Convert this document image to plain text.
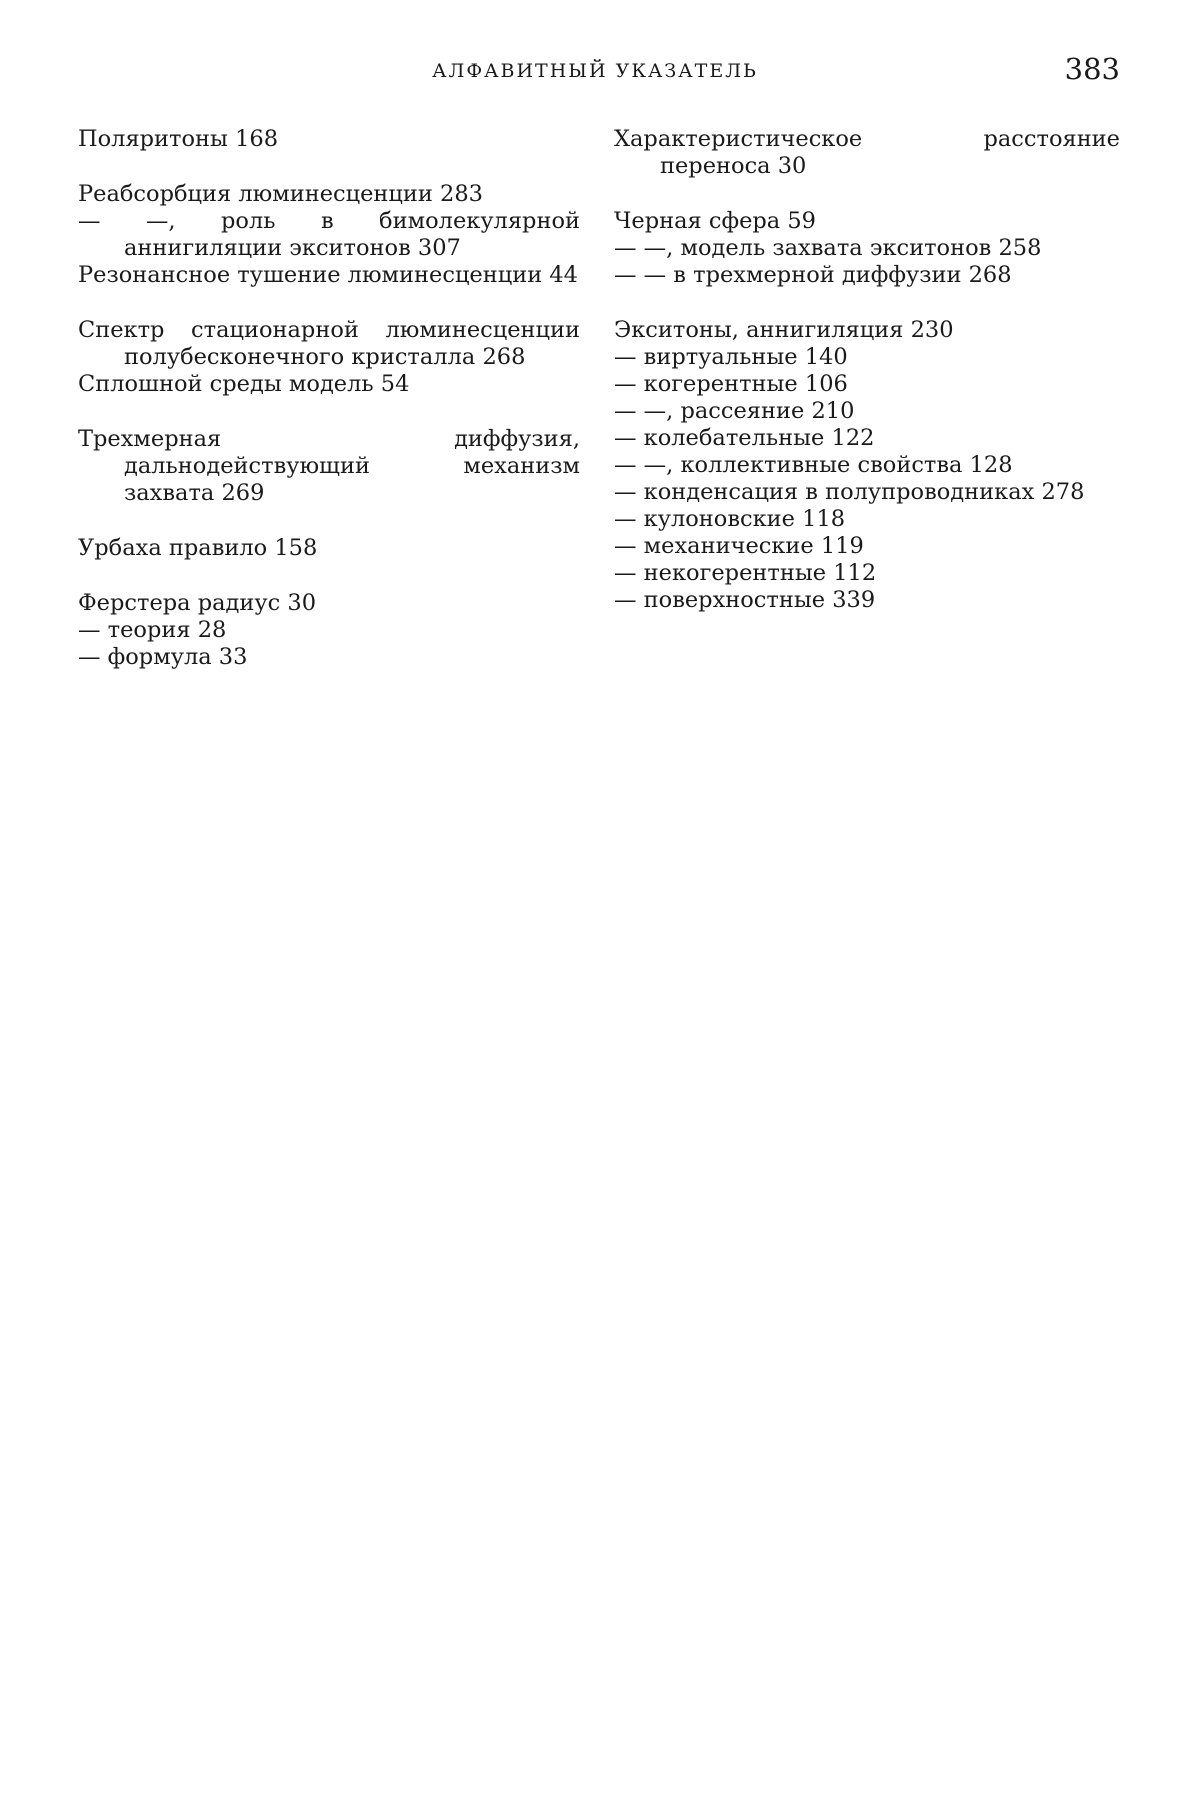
АЛФАВИТНЫЙ УКАЗАТЕЛЬ	383
Поляритоны 168
Реабсорбция люминесценции 283
— —, роль в бимолекулярной аннигиляции экситонов 307
Резонансное тушение люминесценции 44
Спектр стационарной люминесценции полубесконечного кристалла 268
Сплошной среды модель 54
Трехмерная диффузия, дальнодействующий механизм захвата 269
Урбаха правило 158
Ферстера радиус 30
— теория 28
— формула 33
Характеристическое расстояние переноса 30
Черная сфера 59
— —, модель захвата экситонов 258
— — в трехмерной диффузии 268
Экситоны, аннигиляция 230
— виртуальные 140
— когерентные 106
— —, рассеяние 210
— колебательные 122
— —, коллективные свойства 128
— конденсация в полупроводниках 278
— кулоновские 118
— механические 119
— некогерентные 112
— поверхностные 339
